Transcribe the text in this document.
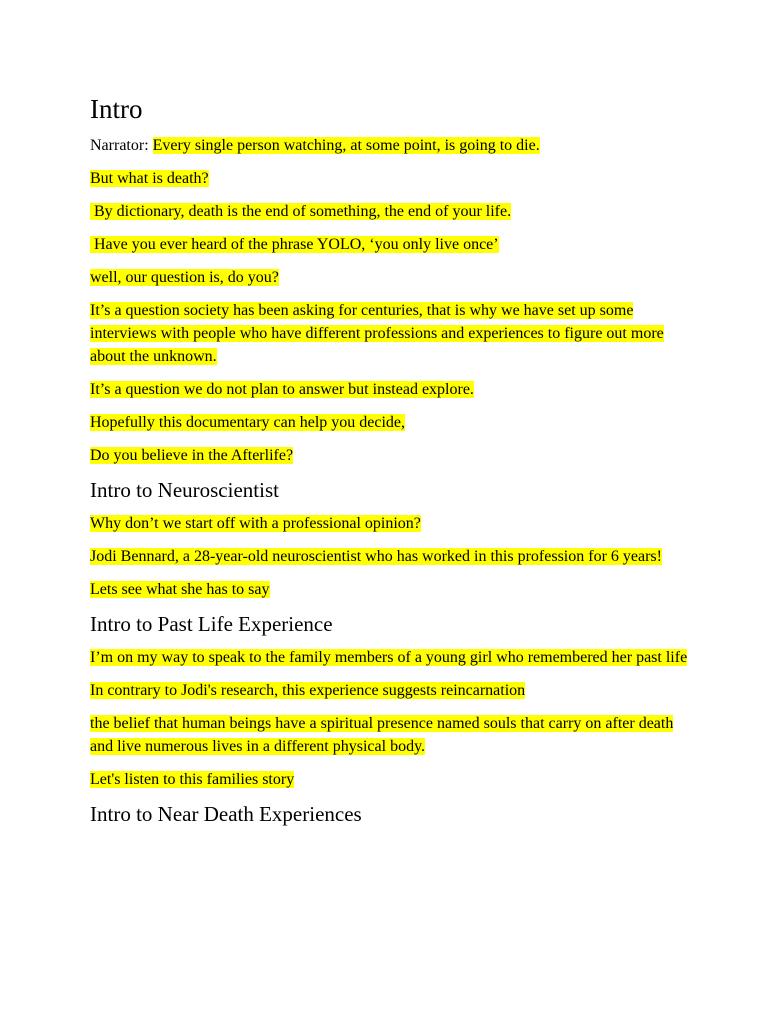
Intro

Narrator: Every single person watching, at some point, is going to die.

But what is death?

By dictionary, death is the end of something, the end of your life.

Have you ever heard of the phrase YOLO, ‘you only live once’

well, our question is, do you?

It’s a question society has been asking for centuries, that is why we have set up some interviews with people who have different professions and experiences to figure out more about the unknown.

It’s a question we do not plan to answer but instead explore.

Hopefully this documentary can help you decide,

Do you believe in the Afterlife?

Intro to Neuroscientist

Why don’t we start off with a professional opinion?

Jodi Bennard, a 28-year-old neuroscientist who has worked in this profession for 6 years!

Lets see what she has to say

Intro to Past Life Experience

I’m on my way to speak to the family members of a young girl who remembered her past life

In contrary to Jodi's research, this experience suggests reincarnation

the belief that human beings have a spiritual presence named souls that carry on after death and live numerous lives in a different physical body.

Let's listen to this families story

Intro to Near Death Experiences
